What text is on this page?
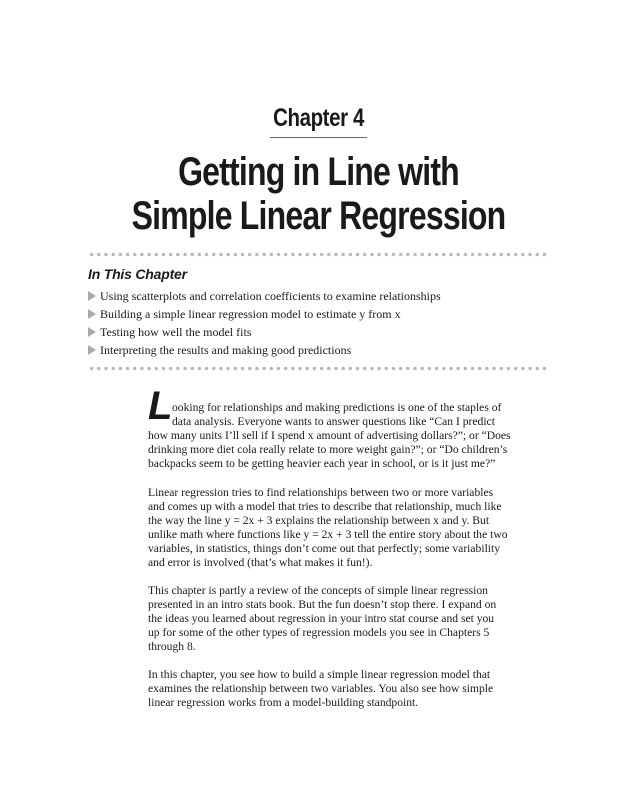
Chapter 4
Getting in Line with
Simple Linear Regression
In This Chapter
Using scatterplots and correlation coefficients to examine relationships
Building a simple linear regression model to estimate y from x
Testing how well the model fits
Interpreting the results and making good predictions
L ooking for relationships and making predictions is one of the staples of
data analysis. Everyone wants to answer questions like “Can I predict
how many units I’ll sell if I spend x amount of advertising dollars?”; or “Does
drinking more diet cola really relate to more weight gain?”; or “Do children’s
backpacks seem to be getting heavier each year in school, or is it just me?”
Linear regression tries to find relationships between two or more variables
and comes up with a model that tries to describe that relationship, much like
the way the line y = 2x + 3 explains the relationship between x and y. But
unlike math where functions like y = 2x + 3 tell the entire story about the two
variables, in statistics, things don’t come out that perfectly; some variability
and error is involved (that’s what makes it fun!).
This chapter is partly a review of the concepts of simple linear regression
presented in an intro stats book. But the fun doesn’t stop there. I expand on
the ideas you learned about regression in your intro stat course and set you
up for some of the other types of regression models you see in Chapters 5
through 8.
In this chapter, you see how to build a simple linear regression model that
examines the relationship between two variables. You also see how simple
linear regression works from a model-building standpoint.
